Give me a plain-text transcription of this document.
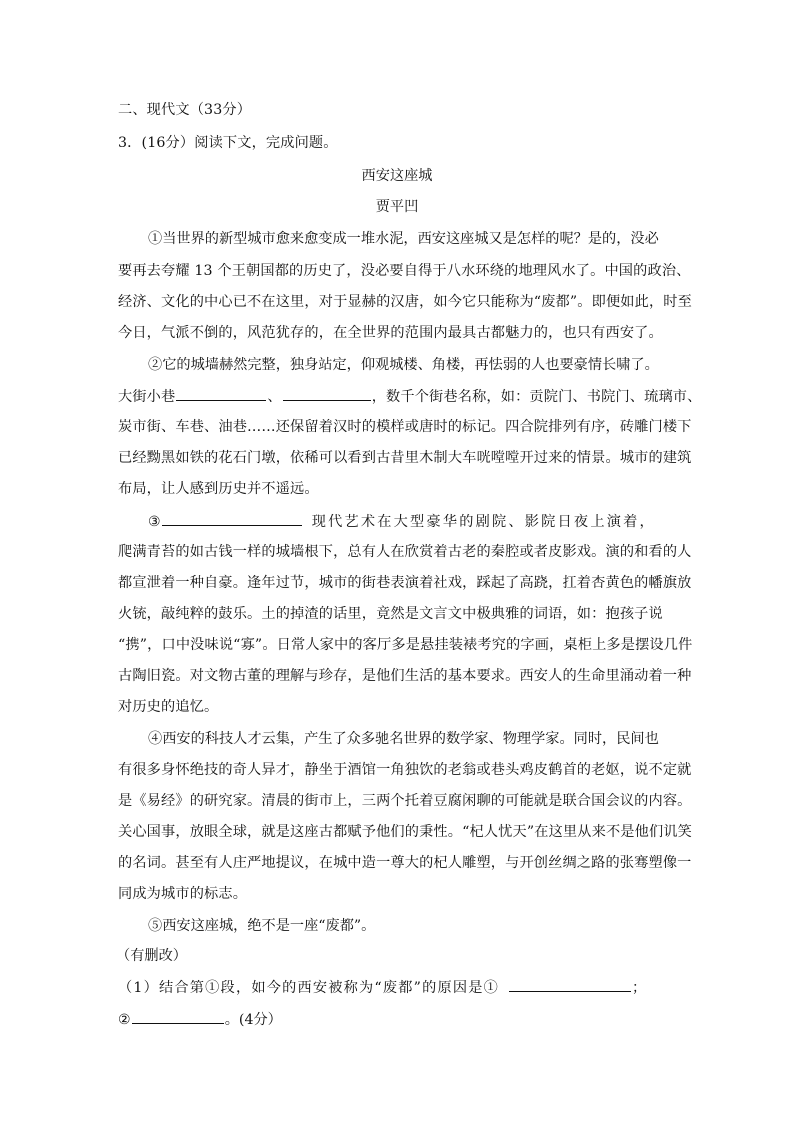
二、现代文（33分）
3．(16分）阅读下文，完成问题。
西安这座城
贾平凹
①当世界的新型城市愈来愈变成一堆水泥，西安这座城又是怎样的呢？是的，没必
要再去夸耀 13 个王朝国都的历史了，没必要自得于八水环绕的地理风水了。中国的政治、
经济、文化的中心已不在这里，对于显赫的汉唐，如今它只能称为“废都”。即便如此，时至
今日，气派不倒的，风范犹存的，在全世界的范围内最具古都魅力的，也只有西安了。
②它的城墙赫然完整，独身站定，仰观城楼、角楼，再怯弱的人也要豪情长啸了。
大街小巷	、	，数千个街巷名称，如：贡院门、书院门、琉璃市、
炭市街、车巷、油巷……还保留着汉时的模样或唐时的标记。四合院排列有序，砖雕门楼下
已经黝黑如铁的花石门墩，依稀可以看到古昔里木制大车咣嘡嘡开过来的情景。城市的建筑
布局，让人感到历史并不遥远。
③	现代艺术在大型豪华的剧院、影院日夜上演着，
爬满青苔的如古钱一样的城墙根下，总有人在欣赏着古老的秦腔或者皮影戏。演的和看的人
都宣泄着一种自豪。逢年过节，城市的街巷表演着社戏，踩起了高跷，扛着杏黄色的幡旗放
火铳，敲纯粹的鼓乐。土的掉渣的话里，竟然是文言文中极典雅的词语，如：抱孩子说
“携”，口中没味说“寡”。日常人家中的客厅多是悬挂装裱考究的字画，桌柜上多是摆设几件
古陶旧瓷。对文物古董的理解与珍存，是他们生活的基本要求。西安人的生命里涌动着一种
对历史的追忆。
④西安的科技人才云集，产生了众多驰名世界的数学家、物理学家。同时，民间也
有很多身怀绝技的奇人异才，静坐于酒馆一角独饮的老翁或巷头鸡皮鹤首的老妪，说不定就
是《易经》的研究家。清晨的街市上，三两个托着豆腐闲聊的可能就是联合国会议的内容。
关心国事，放眼全球，就是这座古都赋予他们的秉性。“杞人忧天”在这里从来不是他们讥笑
的名词。甚至有人庄严地提议，在城中造一尊大的杞人雕塑，与开创丝绸之路的张骞塑像一
同成为城市的标志。
⑤西安这座城，绝不是一座“废都”。
（有删改）
（1）结合第①段，如今的西安被称为“废都”的原因是①	；
②	。(4分）
